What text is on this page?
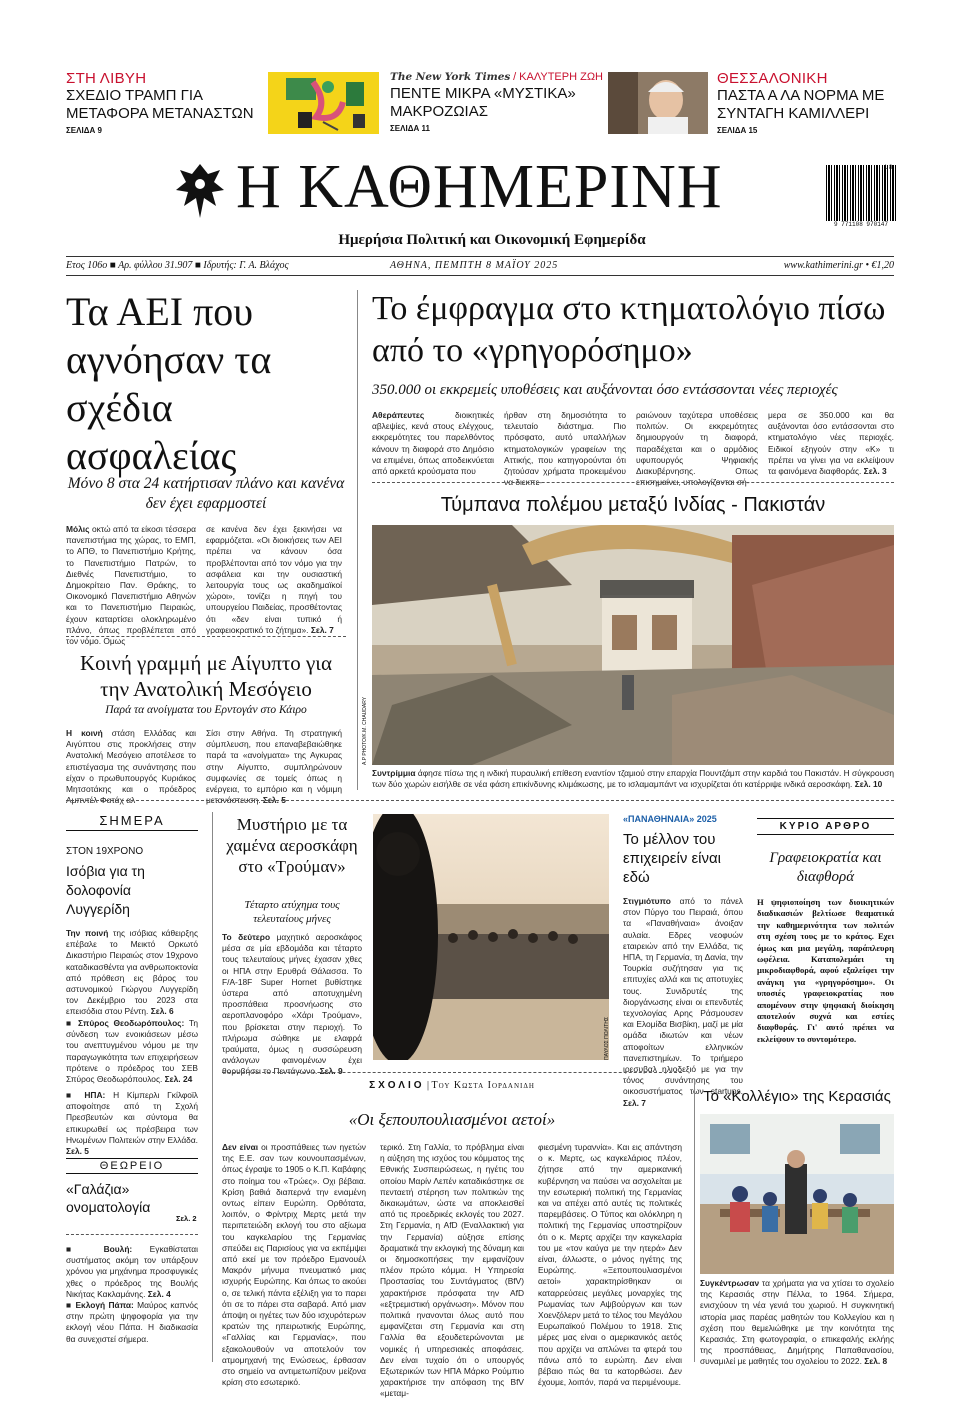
ΣΤΗ ΛΙΒΥΗ
ΣΧΕΔΙΟ ΤΡΑΜΠ ΓΙΑ ΜΕΤΑΦΟΡΑ ΜΕΤΑΝΑΣΤΩΝ
ΣΕΛΙΔΑ 9
The New York Times / ΚΑΛΥΤΕΡΗ ΖΩΗ
ΠΕΝΤΕ ΜΙΚΡΑ «ΜΥΣΤΙΚΑ» ΜΑΚΡΟΖΩΙΑΣ
ΣΕΛΙΔΑ 11
ΘΕΣΣΑΛΟΝΙΚΗ
ΠΑΣΤΑ Α ΛΑ ΝΟΡΜΑ ΜΕ ΣΥΝΤΑΓΗ ΚΑΜΙΛΛΕΡΙ
ΣΕΛΙΔΑ 15
Η ΚΑΘΗΜΕΡΙΝΗ
Ημερήσια Πολιτική και Οικονομική Εφημερίδα
9 771108 970147
1 8
Ετος 106ο ■ Αρ. φύλλου 31.907 ■ Ιδρυτής: Γ. Α. Βλάχος	ΑΘΗΝΑ, ΠΕΜΠΤΗ 8 ΜΑΪΟΥ 2025	www.kathimerini.gr • €1,20
Τα ΑΕΙ που αγνόησαν τα σχέδια ασφαλείας
Μόνο 8 στα 24 κατήρτισαν πλάνο και κανένα δεν έχει εφαρμοστεί
Μόλις οκτώ από τα είκοσι τέσσερα πανεπιστήμια της χώρας, το ΕΜΠ, το ΑΠΘ, το Πανεπιστήμιο Κρήτης, το Πανεπιστήμιο Πατρών, το Διεθνές Πανεπιστήμιο, το Δημοκρίτειο Παν. Θράκης, το Οικονομικό Πανεπιστήμιο Αθηνών και το Πανεπιστήμιο Πειραιώς, έχουν καταρτίσει ολοκληρωμένο πλάνο, όπως προβλέπεται από τον νόμο. Ομως
σε κανένα δεν έχει ξεκινήσει να εφαρμόζεται. «Οι διοικήσεις των ΑΕΙ πρέπει να κάνουν όσα προβλέπονται από τον νόμο για την ασφάλεια και την ουσιαστική λειτουργία τους ως ακαδημαϊκοί χώροι», τονίζει η πηγή του υπουργείου Παιδείας, προσθέτοντας ότι «δεν είναι τυπικό ή γραφειοκρατικό το ζήτημα». Σελ. 7
Κοινή γραμμή με Αίγυπτο για την Ανατολική Μεσόγειο
Παρά τα ανοίγματα του Ερντογάν στο Κάιρο
Η κοινή στάση Ελλάδας και Αιγύπτου στις προκλήσεις στην Ανατολική Μεσόγειο αποτέλεσε το επιστέγασμα της συνάντησης που είχαν ο πρωθυπουργός Κυριάκος Μητσοτάκης και ο πρόεδρος Αμπντέλ Φατάχ αλ
Σίσι στην Αθήνα. Τη στρατηγική σύμπλευση, που επαναβεβαιώθηκε παρά τα «ανοίγματα» της Αγκυρας στην Αίγυπτο, συμπληρώνουν συμφωνίες σε τομείς όπως η ενέργεια, το εμπόριο και η νόμιμη μετανάστευση. Σελ. 5
Το έμφραγμα στο κτηματολόγιο πίσω από το «γρηγορόσημο»
350.000 οι εκκρεμείς υποθέσεις και αυξάνονται όσο εντάσσονται νέες περιοχές
Αθεράπευτες διοικητικές αβλεψίες, κενά στους ελέγχους, εκκρεμότητες του παρελθόντος κάνουν τη διαφορά στο Δημόσιο να επιμένει, όπως αποδεικνύεται από αρκετά κρούσματα που
ήρθαν στη δημοσιότητα το τελευταίο διάστημα. Πιο πρόσφατο, αυτό υπαλλήλων κτηματολογικών γραφείων της Αττικής, που κατηγορούνται ότι ζητούσαν χρήματα προκειμένου να διεκπε-
ραιώνουν ταχύτερα υποθέσεις πολιτών. Οι εκκρεμότητες δημιουργούν τη διαφορά, παραδέχεται και ο αρμόδιος υφυπουργός Ψηφιακής Διακυβέρνησης. Οπως επισημαίνει, υπολογίζονται σή-
μερα σε 350.000 και θα αυξάνονται όσο εντάσσονται στο κτηματολόγιο νέες περιοχές. Ειδικοί εξηγούν στην «Κ» τι πρέπει να γίνει για να εκλείψουν τα φαινόμενα διαφθοράς. Σελ. 3
Τύμπανα πολέμου μεταξύ Ινδίας - Πακιστάν
A.P PHOTO/K.M. CHAUDARY
Συντρίμμια άφησε πίσω της η ινδική πυραυλική επίθεση εναντίον τζαμιού στην επαρχία Πουντζάμπ στην καρδιά του Πακιστάν. Η σύγκρουση των δύο χωρών εισήλθε σε νέα φάση επικίνδυνης κλιμάκωσης, με το ισλαμαμπάντ να ισχυρίζεται ότι κατέρριψε ινδικά αεροσκάφη. Σελ. 10
ΣΗΜΕΡΑ
ΣΤΟΝ 19ΧΡΟΝΟ
Ισόβια για τη δολοφονία Λυγγερίδη
Την ποινή της ισόβιας κάθειρξης επέβαλε το Μεικτό Ορκωτό Δικαστήριο Πειραιώς στον 19χρονο καταδικασθέντα για ανθρωποκτονία από πρόθεση εις βάρος του αστυνομικού Γιώργου Λυγγερίδη τον Δεκέμβριο του 2023 στα επεισόδια στου Ρέντη. Σελ. 6
■ Σπύρος Θεοδωρόπουλος: Τη σύνδεση των ενοικιάσεων μέσω του ανεπτυγμένου νόμου με την παραγωγικότητα των επιχειρήσεων πρότεινε ο πρόεδρος του ΣΕΒ Σπύρος Θεοδωρόπουλος. Σελ. 24
■ ΗΠΑ: Η Κίμπερλι Γκίλφοϊλ αποφοίτησε από τη Σχολή Πρεσβευτών και σύντομα θα επικυρωθεί ως πρέσβειρα των Ηνωμένων Πολιτειών στην Ελλάδα. Σελ. 5
ΘΕΩΡΕΙΟ
«Γαλάζια» ονοματολογία
Σελ. 2
■ Βουλή: Εγκαθίσταται συστήματος ακόμη τον υπάρξουν χρόνου για μηχάνημα προσφυγικές χθες ο πρόεδρος της Βουλής Νικήτας Κακλαμάνης. Σελ. 4
■ Εκλογή Πάπα: Μαύρος καπνός στην πρώτη ψηφοφορία για την εκλογή νέου Πάπα. Η διαδικασία θα συνεχιστεί σήμερα.
Μυστήριο με τα χαμένα αεροσκάφη στο «Τρούμαν»
Τέταρτο ατύχημα τους τελευταίους μήνες
Το δεύτερο μαχητικό αεροσκάφος μέσα σε μία εβδομάδα και τέταρτο τους τελευταίους μήνες έχασαν χθες οι ΗΠΑ στην Ερυθρά Θάλασσα. Το F/A-18F Super Hornet βυθίστηκε ύστερα από αποτυχημένη προσπάθεια προσνήωσης στο αεροπλανοφόρο «Χάρι Τρούμαν», που βρίσκεται στην περιοχή. Το πλήρωμα σώθηκε με ελαφρά τραύματα, όμως η συσσώρευση ανάλογων φαινομένων έχει θορυβήσει το Πεντάγωνο. Σελ. 9
ΠΑΥΛΟΣ ΠΟΛΙΤΗΣ
«ΠΑΝΑΘΗΝΑΙΑ» 2025
Το μέλλον του επιχειρείν είναι εδώ
Στιγμιότυπο από το πάνελ στον Πύργο του Πειραιά, όπου τα «Παναθήναια» άνοιξαν αυλαία. Εδρες νεοφυών εταιρειών από την Ελλάδα, τις ΗΠΑ, τη Γερμανία, τη Δανία, την Τουρκία συζήτησαν για τις επιτυχίες αλλά και τις αποτυχίες τους. Συνιδρυτές της διοργάνωσης είναι οι επενδυτές τεχνολογίας Αρης Ράσμουσεν και Ελομίδα Βισβίκη, μαζί με μία ομάδα ιδιωτών και νέων αποφοίτων ελληνικών πανεπιστημίων. Το τριήμερο ιρεσυβαλ ηλιοδεξιό με για την τόνος συνάντησης του οικοσυστήματος των startups. Σελ. 7
ΚΥΡΙΟ ΑΡΘΡΟ
Γραφειοκρατία και διαφθορά
Η ψηφιοποίηση των διοικητικών διαδικασιών βελτίωσε θεαματικά την καθημερινότητα των πολιτών στη σχέση τους με το κράτος. Εχει όμως και μια μεγάλη, παράπλευρη ωφέλεια. Καταπολεμάει τη μικροδιαφθορά, αφού εξαλείφει την ανάγκη για «γρηγορόσημο». Οι υποσιές γραφειοκρατίας που απομένουν στην ψηφιακή διοίκηση αποτελούν συχνά και εστίες διαφθοράς. Γι' αυτό πρέπει να εκλείψουν το συντομότερο.
ΣΧΟΛΙΟ | Του Κωστα Ιορδανιδη
«Οι ξεπουπουλιασμένοι αετοί»
Δεν είναι οι προσπάθειες των ηγετών της Ε.Ε. σαν των κουνουπασμένων, όπως έγραψε το 1905 ο Κ.Π. Καβάφης στο ποίημα του «Τρώες». Οχι βέβαια. Κρίση βαθιά διαπερνά την ενιαμένη οντως είπειν Ευρώπη. Ορθότατα, λοιπόν, ο Φρίντριχ Μερτς μετά την περιπετειώδη εκλογή του στο αξίωμα του καγκελαρίου της Γερμανίας σπεύδει εις Παρισίους για να εκπέμψει από εκεί με τον πρόεδρο Εμανουέλ Μακρόν μήνυμα πνευματικό μιας ισχυρής Ευρώπης. Και όπως το ακούει ο, σε τελική πάντα εξέλιξη για το παρει ότι σε το πάρει στα σαβαρά. Από μιαν άποψη οι ηγέτες των δύο ισχυρότερων κρατών της ηπειρωτικής Ευρώπης, «Γαλλίας και Γερμανίας», που εξακολουθούν να αποτελούν τον ατμομηχανή της Ενώσεως, έρθασαν στο σημείο να αντιμετωπίζουν μείζονα κρίση στο εσωτερικό.
τερικό. Στη Γαλλία, το πρόβλημα είναι η αύξηση της ισχύος του κόμματος της Εθνικής Συσπειρώσεως, η ηγέτις του οποίου Μαρίν Λεπέν καταδικάστηκε σε πενταετή στέρηση των πολιτικών της δικαιωμάτων, ώστε να αποκλεισθεί από τις προεδρικές εκλογές του 2027. Στη Γερμανία, η AfD (Εναλλακτική για την Γερμανία) αύξησε επίσης δραματικά την εκλογική της δύναμη και οι δημοσκοπήσεις την εμφανίζουν πλέον πρώτο κόμμα. Η Υπηρεσία Προστασίας του Συντάγματος (BfV) χαρακτήρισε πρόσφατα την AfD «εξτρεμιστική οργάνωση». Μόνον που πολιτικά ηνανονται όλως αυτό που εμφανίζεται στη Γερμανία και στη Γαλλία θα εξουδετερώνονται με νομικές ή υπηρεσιακές αποφάσεις. Δεν είναι τυχαίο ότι ο υπουργός Εξωτερικών των ΗΠΑ Μάρκο Ρούμπιο χαρακτήρισε την απόφαση της BfV «μεταμ-
φιεσμένη τυραννία». Και εις απάντηση ο κ. Μερτς, ως καγκελάριος πλέον, ζήτησε από την αμερικανική κυβέρνηση να παύσει να ασχολείται με την εσωτερική πολιτική της Γερμανίας και να απέχει από αυτές τις πολιτικές παρεμβάσεις. Ο Τύπος και ολόκληρη η πολιτική της Γερμανίας υποστηρίζουν ότι ο κ. Μερτς αρχίζει την καγκελαρία του με «τον καύγα με την ητερά» Δεν είναι, άλλωστε, ο μόνος ηγέτης της Ευρώπης. «Ξεπουπουλιασμένοι αετοί» χαρακτηρίσθηκαν οι καταρρεύσεις μεγάλες μοναρχίες της Ρωμανίας των Αψβούργων και των Χοενζόλερν μετά το τέλος του Μεγάλου Ευρωπαϊκού Πολέμου το 1918. Στις μέρες μας είναι ο αμερικανικός αετός που αρχίζει να απλώνει τα φτερά του πάνω από το ευρώπη. Δεν είναι βέβαιο πώς θα τα κατορθώσει. Δεν έχουμε, λοιπόν, παρά να περιμένουμε.
Το «Κολλέγιο» της Κερασιάς
Συγκέντρωσαν τα χρήματα για να χτίσει το σχολείο της Κερασιάς στην Πέλλα, το 1964. Σήμερα, ενισχύουν τη νέα γενιά του χωριού. Η συγκινητική ιστορία μιας παρέας μαθητών του Κολλεγίου και η σχέση που θεμελιώθηκε με την κοινότητα της Κερασιάς. Στη φωτογραφία, ο επικεφαλής εκλήης της προσπάθειας, Δημήτρης Παπαθανασίου, συναμιλεί με μαθητές του σχολείου το 2022. Σελ. 8
